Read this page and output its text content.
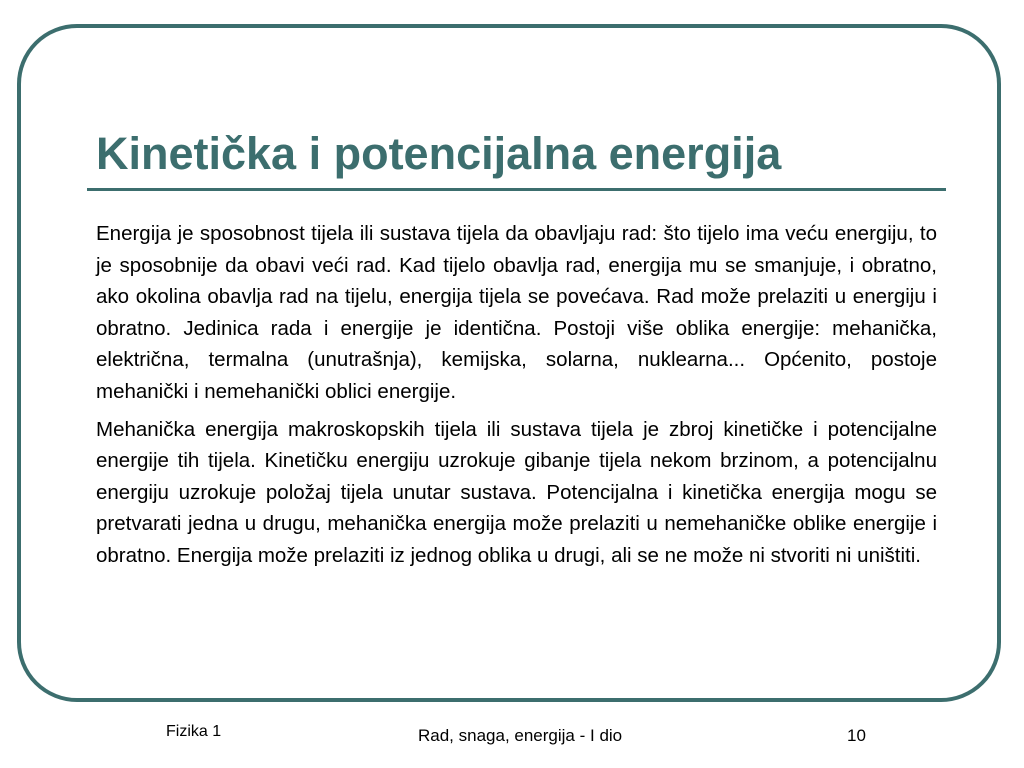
Kinetička i potencijalna energija

Energija je sposobnost tijela ili sustava tijela da obavljaju rad: što tijelo ima veću energiju, to je sposobnije da obavi veći rad. Kad tijelo obavlja rad, energija mu se smanjuje, i obratno, ako okolina obavlja rad na tijelu, energija tijela se povećava. Rad može prelaziti u energiju i obratno. Jedinica rada i energije je identična. Postoji više oblika energije: mehanička, električna, termalna (unutrašnja), kemijska, solarna, nuklearna... Općenito, postoje mehanički i nemehanički oblici energije.

Mehanička energija makroskopskih tijela ili sustava tijela je zbroj kinetičke i potencijalne energije tih tijela. Kinetičku energiju uzrokuje gibanje tijela nekom brzinom, a potencijalnu energiju uzrokuje položaj tijela unutar sustava. Potencijalna i kinetička energija mogu se pretvarati jedna u drugu, mehanička energija može prelaziti u nemehaničke oblike energije i obratno. Energija može prelaziti iz jednog oblika u drugi, ali se ne može ni stvoriti ni uništiti.

Fizika 1	Rad, snaga, energija - I dio	10
